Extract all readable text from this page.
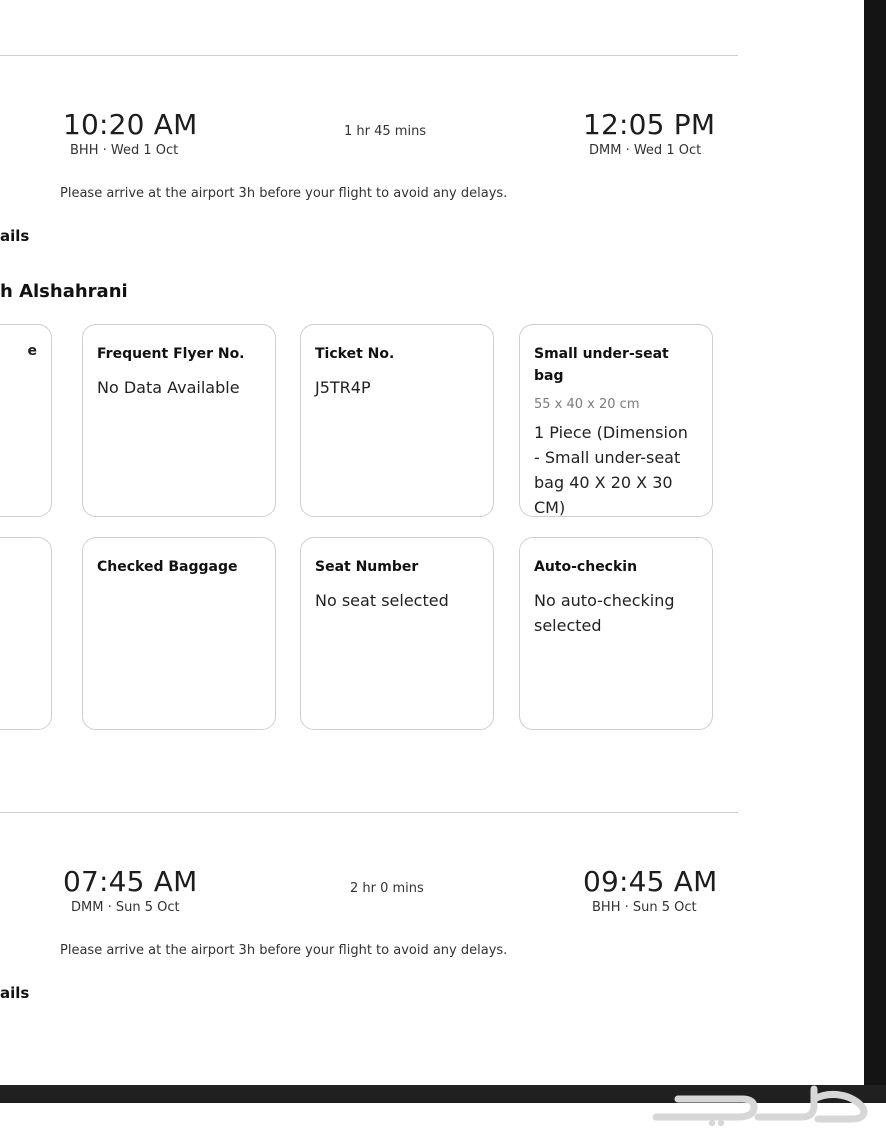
10:20 AM
BHH · Wed 1 Oct
1 hr 45 mins	12:05 PM
DMM · Wed 1 Oct
Please arrive at the airport 3h before your flight to avoid any delays.
ails
h Alshahrani
e	Frequent Flyer No.
No Data Available
Ticket No.
J5TR4P
Small under-seat bag
55 x 40 x 20 cm
1 Piece (Dimension - Small under-seat bag 40 X 20 X 30 CM)
Checked Baggage	Seat Number
No seat selected
Auto-checkin
No auto-checking selected
07:45 AM
DMM · Sun 5 Oct
2 hr 0 mins	09:45 AM
BHH · Sun 5 Oct
Please arrive at the airport 3h before your flight to avoid any delays.
ails
